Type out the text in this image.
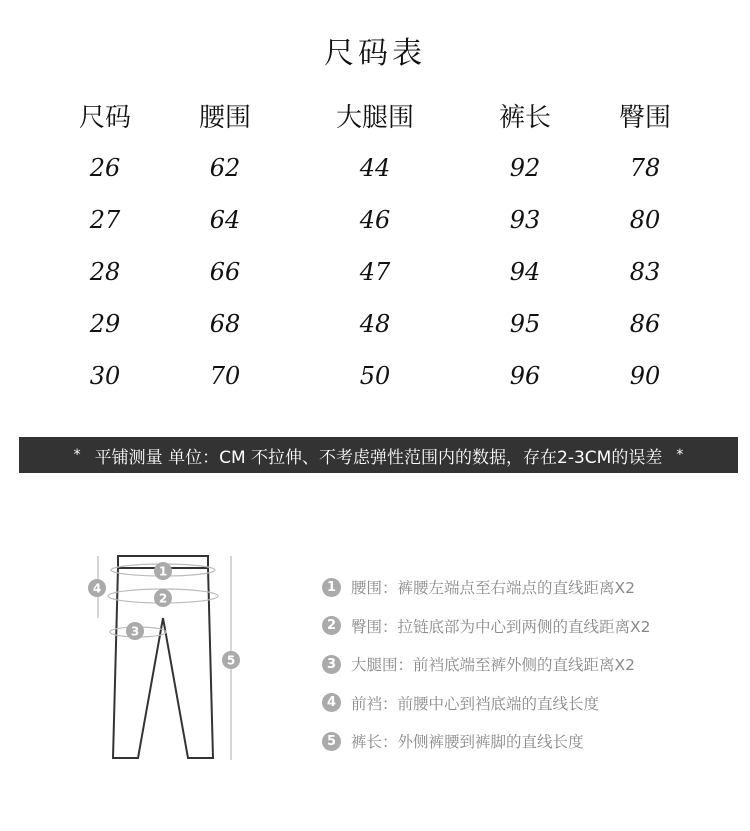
尺码表
尺码	腰围	大腿围	裤长	臀围
26	62	44	92	78
27	64	46	93	80
28	66	47	94	83
29	68	48	95	86
30	70	50	96	90
* 平铺测量 单位：CM 不拉伸、不考虑弹性范围内的数据，存在2-3CM的误差 *
1
2
3
4
5
1 腰围：裤腰左端点至右端点的直线距离X2
2 臀围：拉链底部为中心到两侧的直线距离X2
3 大腿围：前裆底端至裤外侧的直线距离X2
4 前裆：前腰中心到裆底端的直线长度
5 裤长：外侧裤腰到裤脚的直线长度
